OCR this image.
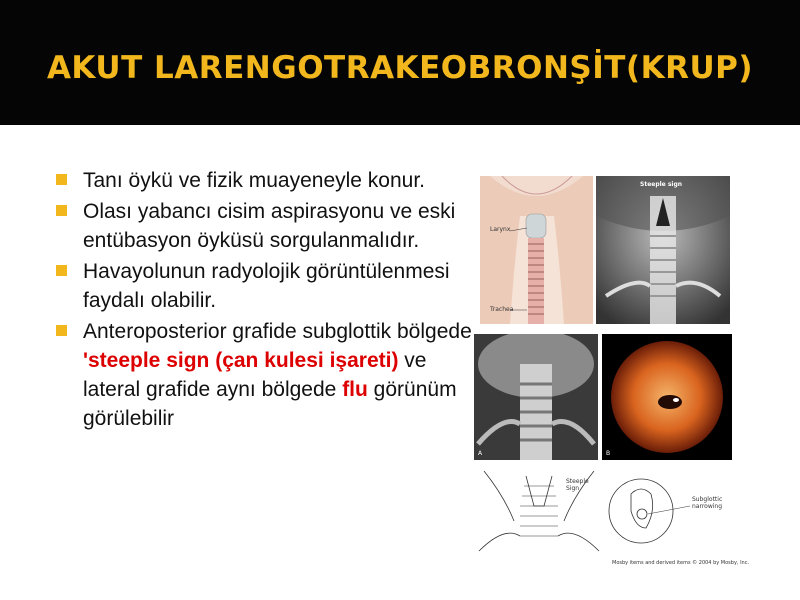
AKUT LARENGOTRAKEOBRONŞİT(KRUP)
Tanı öykü ve fizik muayeneyle konur.
Olası yabancı cisim aspirasyonu ve eski entübasyon öyküsü sorgulanmalıdır.
Havayolunun radyolojik görüntülenmesi faydalı olabilir.
Anteroposterior grafide subglottik bölgede 'steeple sign (çan kulesi işareti) ve lateral grafide aynı bölgede flu görünüm görülebilir
Larynx
Trachea
Steeple sign
A	B
Steeple Sign
Subglottic narrowing
Mosby items and derived items © 2004 by Mosby, Inc.
